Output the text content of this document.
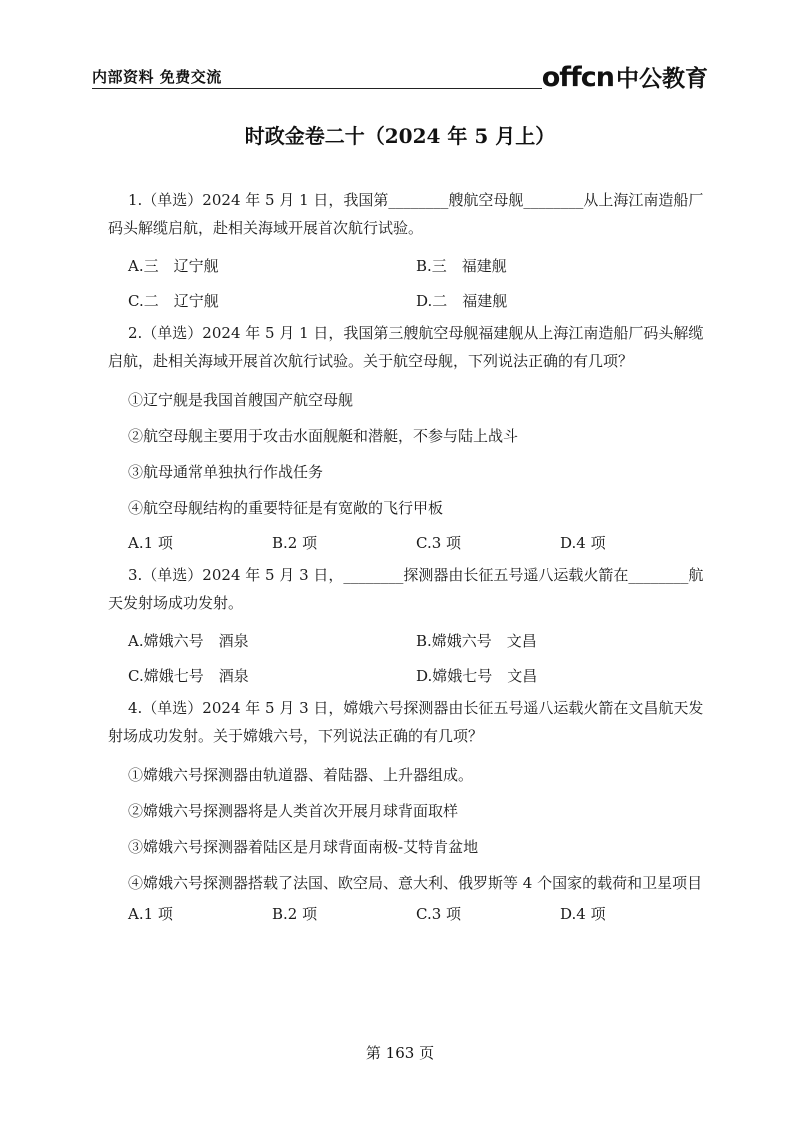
内部资料 免费交流	offcn中公教育
时政金卷二十（2024 年 5 月上）

1.（单选）2024 年 5 月 1 日，我国第________艘航空母舰________从上海江南造船厂码头解缆启航，赴相关海域开展首次航行试验。

A.三　辽宁舰	B.三　福建舰
C.二　辽宁舰	D.二　福建舰

2.（单选）2024 年 5 月 1 日，我国第三艘航空母舰福建舰从上海江南造船厂码头解缆启航，赴相关海域开展首次航行试验。关于航空母舰，下列说法正确的有几项？

①辽宁舰是我国首艘国产航空母舰

②航空母舰主要用于攻击水面舰艇和潜艇，不参与陆上战斗

③航母通常单独执行作战任务

④航空母舰结构的重要特征是有宽敞的飞行甲板

A.1 项	B.2 项	C.3 项	D.4 项

3.（单选）2024 年 5 月 3 日，________探测器由长征五号遥八运载火箭在________航天发射场成功发射。

A.嫦娥六号　酒泉	B.嫦娥六号　文昌
C.嫦娥七号　酒泉	D.嫦娥七号　文昌

4.（单选）2024 年 5 月 3 日，嫦娥六号探测器由长征五号遥八运载火箭在文昌航天发射场成功发射。关于嫦娥六号，下列说法正确的有几项？

①嫦娥六号探测器由轨道器、着陆器、上升器组成。

②嫦娥六号探测器将是人类首次开展月球背面取样

③嫦娥六号探测器着陆区是月球背面南极-艾特肯盆地

④嫦娥六号探测器搭载了法国、欧空局、意大利、俄罗斯等 4 个国家的载荷和卫星项目

A.1 项	B.2 项	C.3 项	D.4 项
第 163 页
